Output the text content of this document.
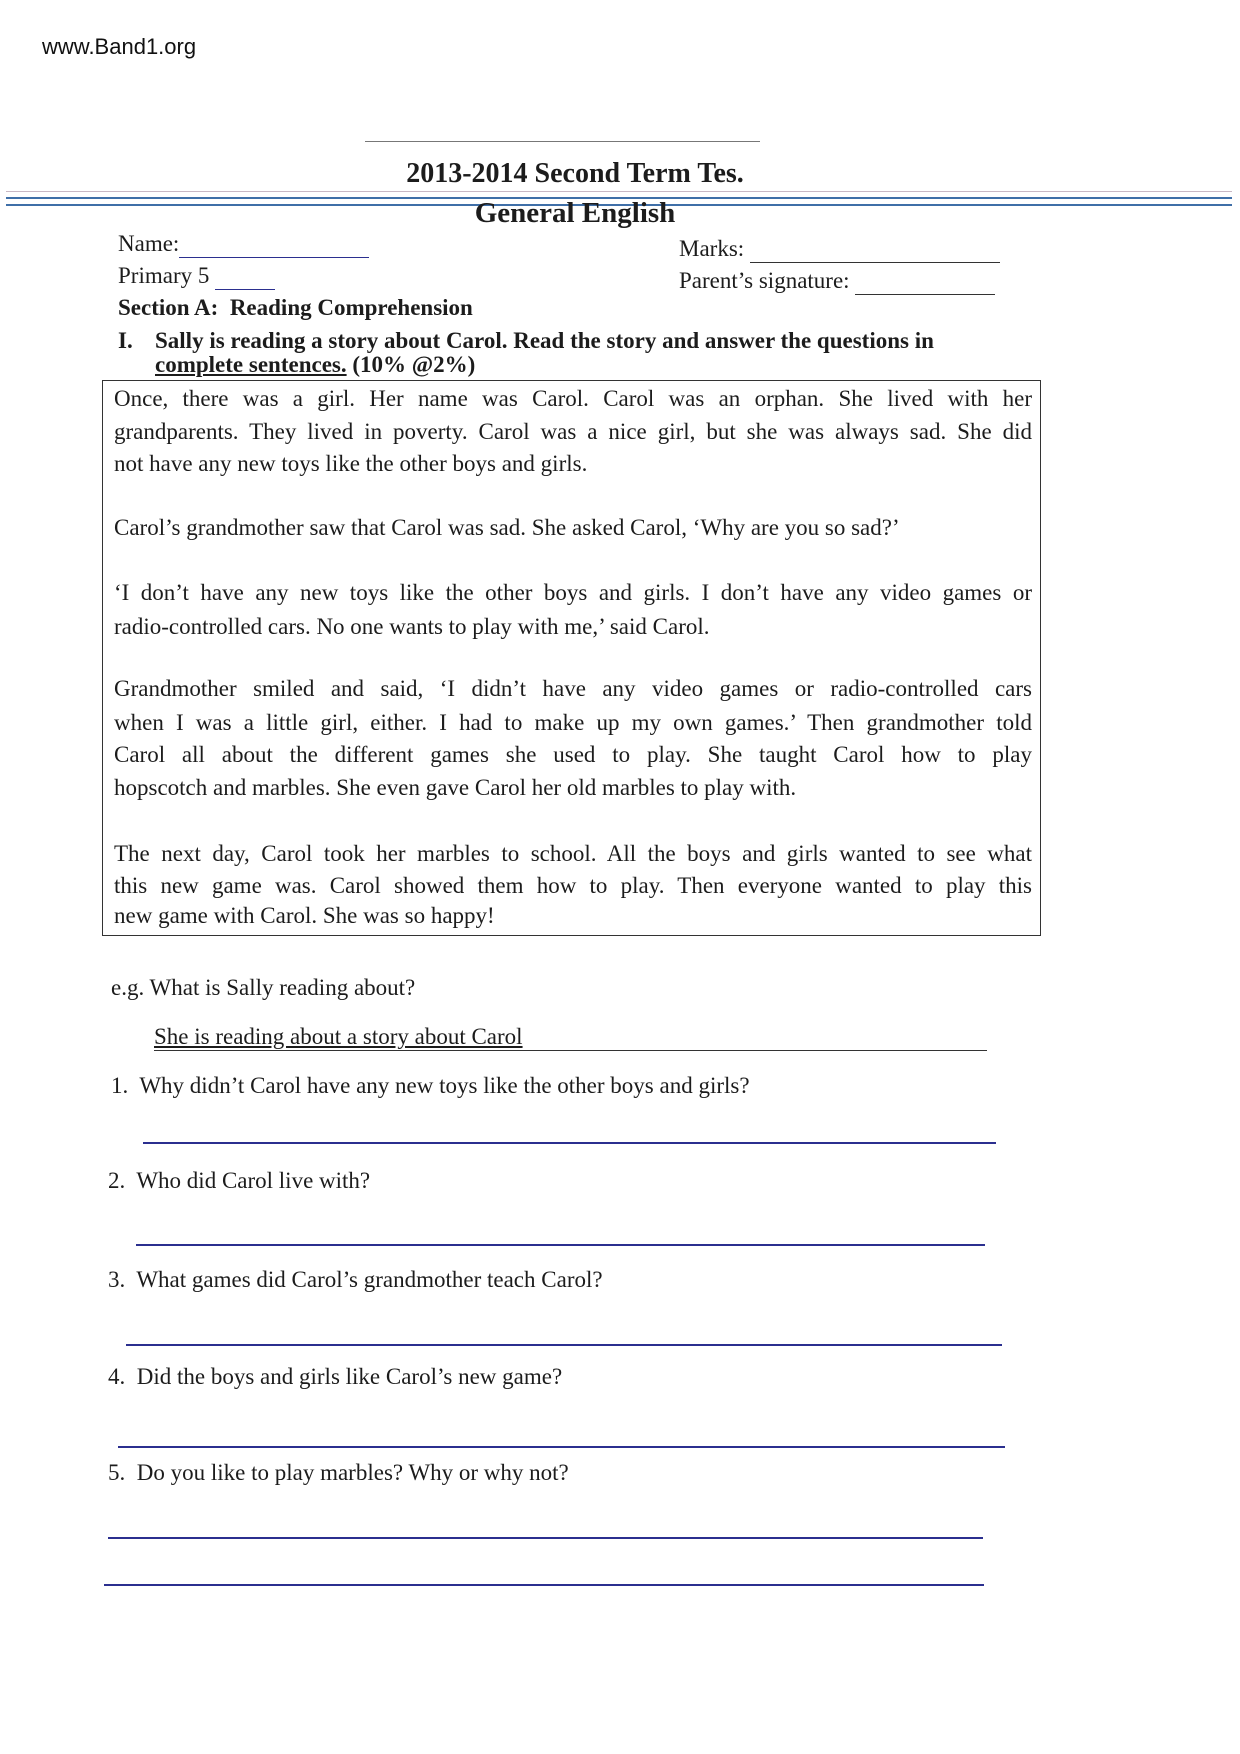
www.Band1.org
2013-2014 Second Term Tes.
General English
Name:
Primary 5
Marks:
Parent’s signature:
Section A: Reading Comprehension
I. Sally is reading a story about Carol. Read the story and answer the questions in
complete sentences. (10% @2%)
Once, there was a girl. Her name was Carol. Carol was an orphan. She lived with her
grandparents. They lived in poverty. Carol was a nice girl, but she was always sad. She did
not have any new toys like the other boys and girls.
Carol’s grandmother saw that Carol was sad. She asked Carol, ‘Why are you so sad?’
‘I don’t have any new toys like the other boys and girls. I don’t have any video games or
radio-controlled cars. No one wants to play with me,’ said Carol.
Grandmother smiled and said, ‘I didn’t have any video games or radio-controlled cars
when I was a little girl, either. I had to make up my own games.’ Then grandmother told
Carol all about the different games she used to play. She taught Carol how to play
hopscotch and marbles. She even gave Carol her old marbles to play with.
The next day, Carol took her marbles to school. All the boys and girls wanted to see what
this new game was. Carol showed them how to play. Then everyone wanted to play this
new game with Carol. She was so happy!
e.g. What is Sally reading about?
She is reading about a story about Carol
1. Why didn’t Carol have any new toys like the other boys and girls?
2. Who did Carol live with?
3. What games did Carol’s grandmother teach Carol?
4. Did the boys and girls like Carol’s new game?
5. Do you like to play marbles? Why or why not?
